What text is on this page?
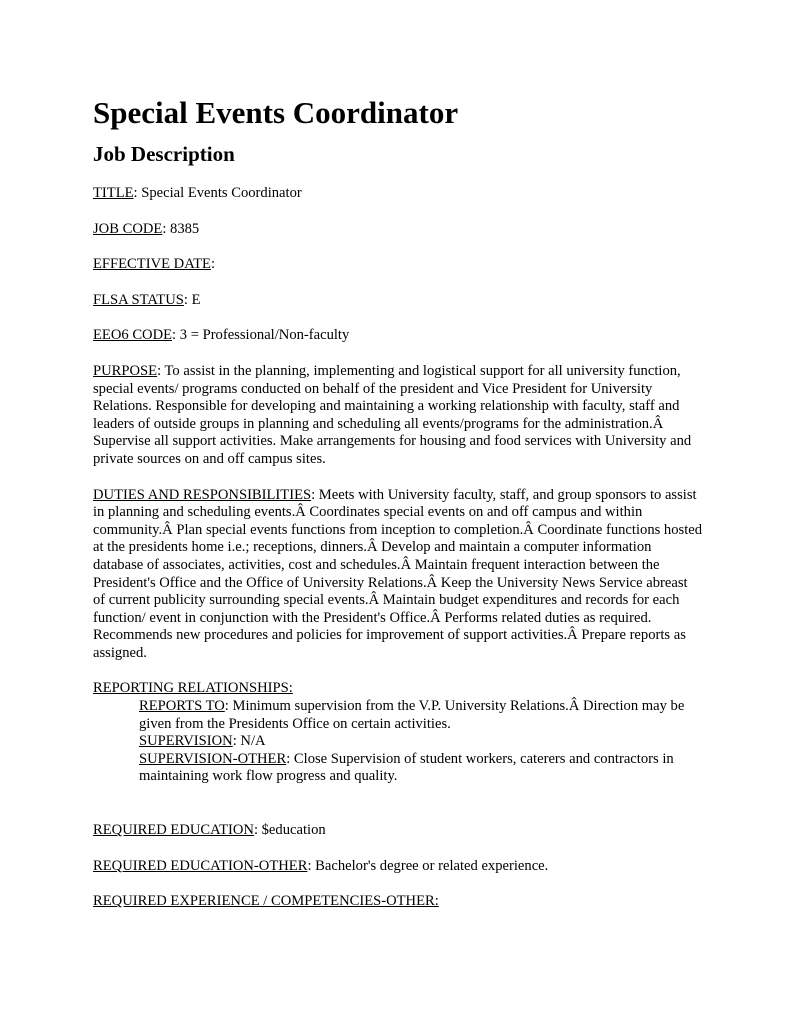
Special Events Coordinator
Job Description

TITLE: Special Events Coordinator

JOB CODE: 8385

EFFECTIVE DATE:

FLSA STATUS: E

EEO6 CODE: 3 = Professional/Non-faculty

PURPOSE: To assist in the planning, implementing and logistical support for all university function, special events/ programs conducted on behalf of the president and Vice President for University Relations. Responsible for developing and maintaining a working relationship with faculty, staff and leaders of outside groups in planning and scheduling all events/programs for the administration.Â Supervise all support activities. Make arrangements for housing and food services with University and private sources on and off campus sites.

DUTIES AND RESPONSIBILITIES: Meets with University faculty, staff, and group sponsors to assist in planning and scheduling events.Â Coordinates special events on and off campus and within community.Â Plan special events functions from inception to completion.Â Coordinate functions hosted at the presidents home i.e.; receptions, dinners.Â Develop and maintain a computer information database of associates, activities, cost and schedules.Â Maintain frequent interaction between the President's Office and the Office of University Relations.Â Keep the University News Service abreast of current publicity surrounding special events.Â Maintain budget expenditures and records for each function/ event in conjunction with the President's Office.Â Performs related duties as required. Recommends new procedures and policies for improvement of support activities.Â Prepare reports as assigned.

REPORTING RELATIONSHIPS:

REPORTS TO: Minimum supervision from the V.P. University Relations.Â Direction may be given from the Presidents Office on certain activities.

SUPERVISION: N/A

SUPERVISION-OTHER: Close Supervision of student workers, caterers and contractors in maintaining work flow progress and quality.

REQUIRED EDUCATION: $education

REQUIRED EDUCATION-OTHER: Bachelor's degree or related experience.

REQUIRED EXPERIENCE / COMPETENCIES-OTHER:
